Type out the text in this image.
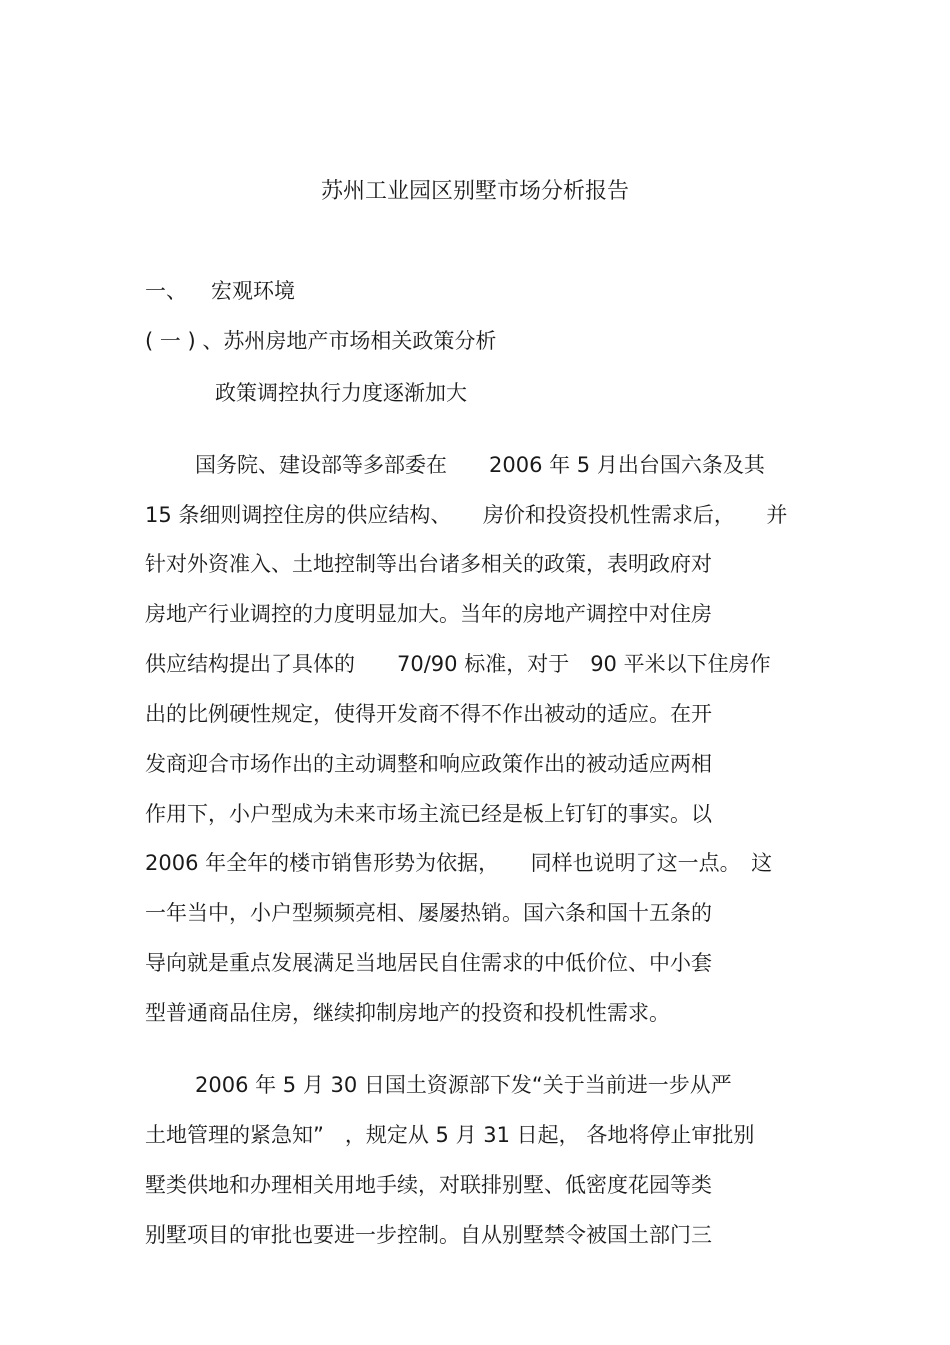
苏州工业园区别墅市场分析报告
一、 宏观环境
( 一 ) 、苏州房地产市场相关政策分析
政策调控执行力度逐渐加大
国务院、建设部等多部委在　　2006 年 5 月出台国六条及其
15 条细则调控住房的供应结构、　　房价和投资投机性需求后，　　并
针对外资准入、土地控制等出台诸多相关的政策，表明政府对
房地产行业调控的力度明显加大。当年的房地产调控中对住房
供应结构提出了具体的　　70/90 标准，对于　90 平米以下住房作
出的比例硬性规定，使得开发商不得不作出被动的适应。在开
发商迎合市场作出的主动调整和响应政策作出的被动适应两相
作用下，小户型成为未来市场主流已经是板上钉钉的事实。以
2006 年全年的楼市销售形势为依据，　　同样也说明了这一点。　这
一年当中，小户型频频亮相、屡屡热销。国六条和国十五条的
导向就是重点发展满足当地居民自住需求的中低价位、中小套
型普通商品住房，继续抑制房地产的投资和投机性需求。
2006 年 5 月 30 日国土资源部下发“关于当前进一步从严
土地管理的紧急知”　，规定从 5 月 31 日起， 各地将停止审批别
墅类供地和办理相关用地手续，对联排别墅、低密度花园等类
别墅项目的审批也要进一步控制。自从别墅禁令被国土部门三
